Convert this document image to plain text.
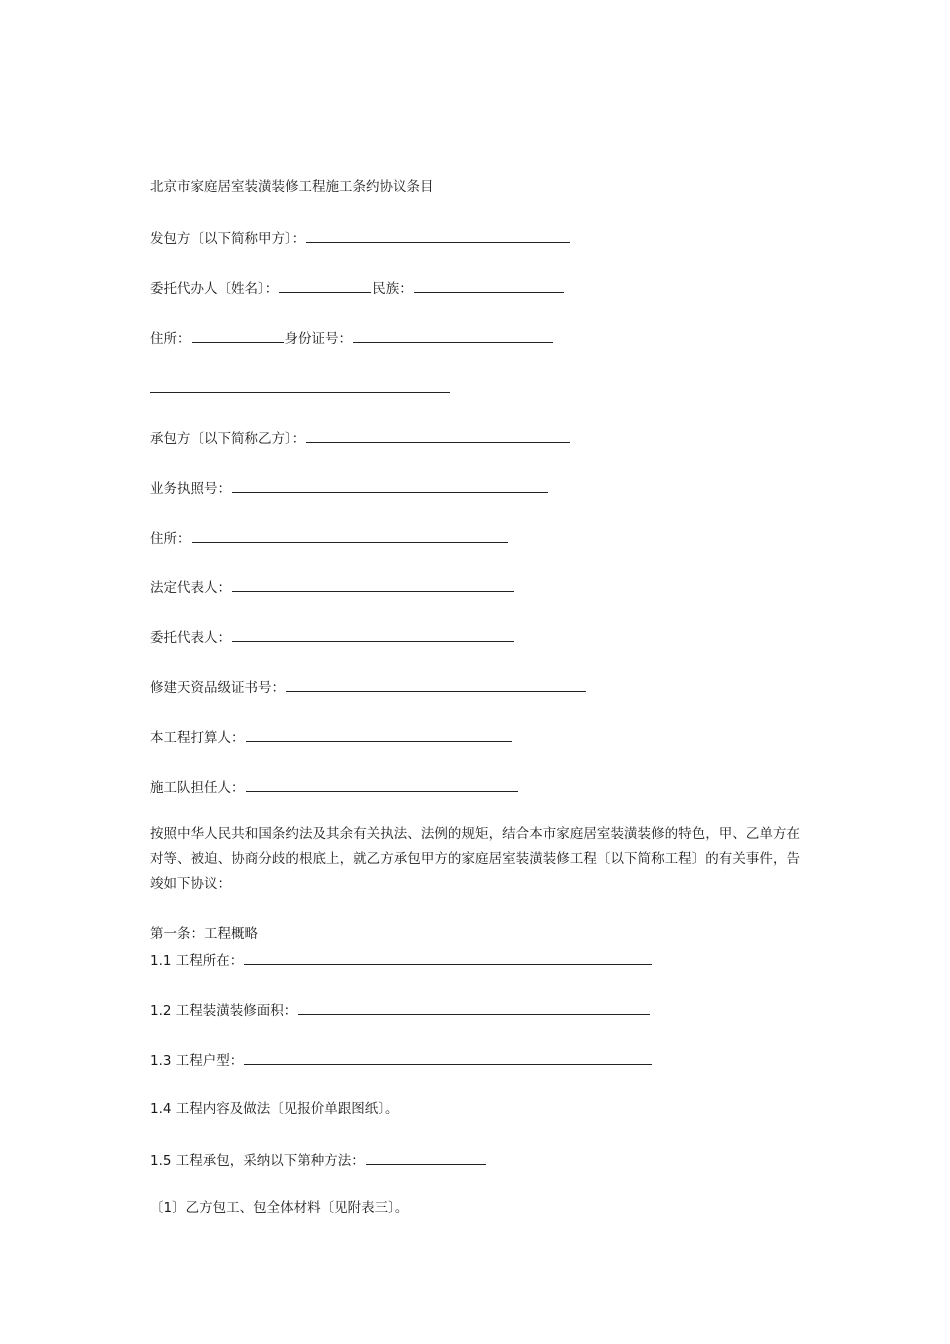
北京市家庭居室装潢装修工程施工条约协议条目
发包方〔以下简称甲方〕：
委托代办人〔姓名〕：	民族：
住所：	身份证号：
承包方〔以下简称乙方〕：
业务执照号：
住所：
法定代表人：
委托代表人：
修建天资品级证书号：
本工程打算人：
施工队担任人：
按照中华人民共和国条约法及其余有关执法、法例的规矩，结合本市家庭居室装潢装修的特色，甲、乙单方在对等、被迫、协商分歧的根底上，就乙方承包甲方的家庭居室装潢装修工程〔以下简称工程〕的有关事件，告竣如下协议：
第一条：工程概略
1.1 工程所在：
1.2 工程装潢装修面积：
1.3 工程户型：
1.4 工程内容及做法〔见报价单跟图纸〕。
1.5 工程承包，采纳以下第种方法：
〔1〕乙方包工、包全体材料〔见附表三〕。
